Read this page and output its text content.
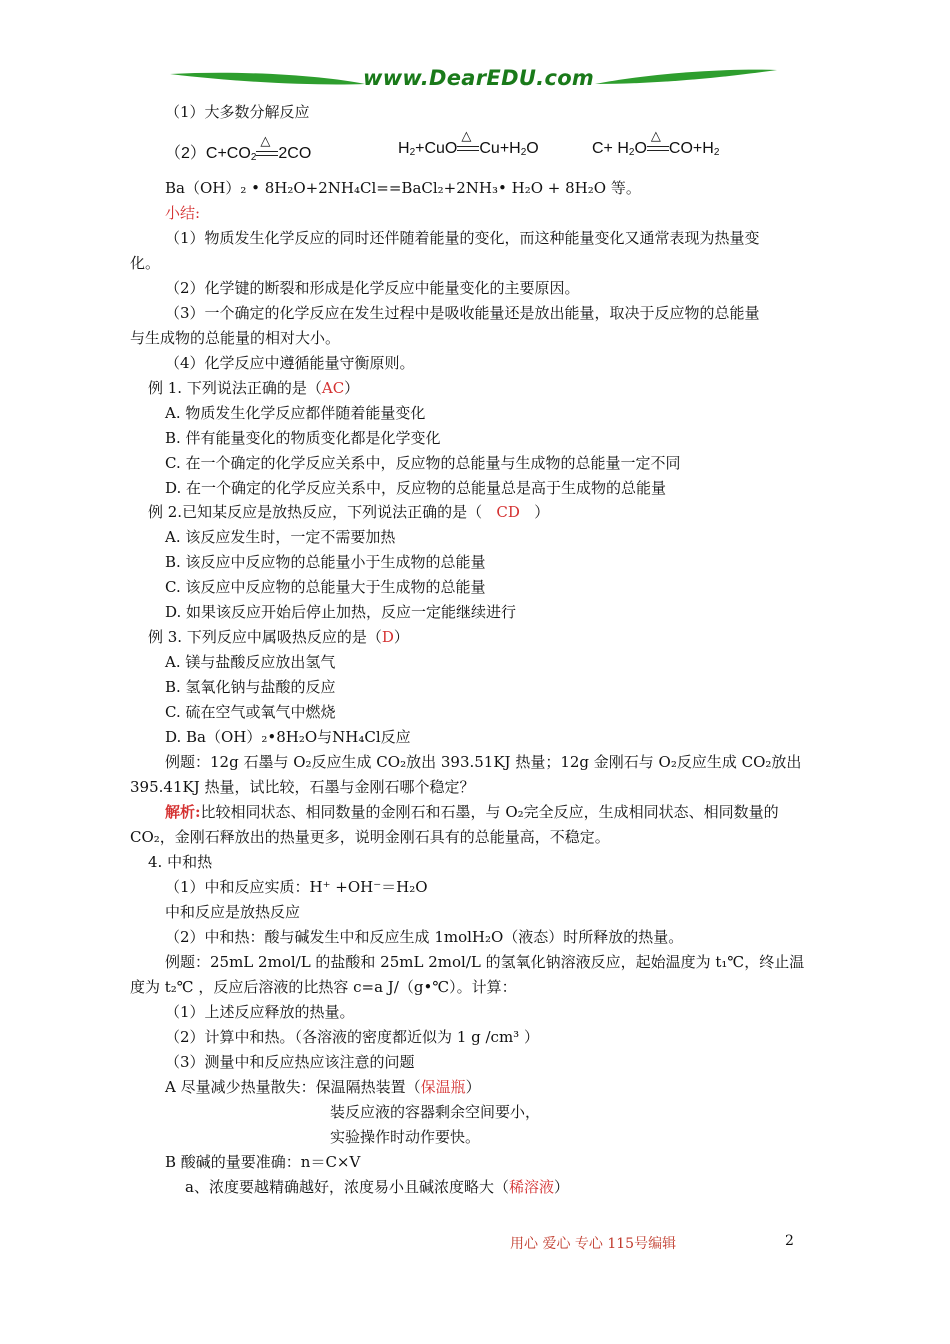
www.DearEDU.com
（1）大多数分解反应
$(2)C+CO_2$
△
2CO	$H_2+CuO$
△
$Cu+H_2O$	$C+ H_2O$
△
$CO+H_2$
Ba（OH）₂ • 8H₂O+2NH₄Cl==BaCl₂+2NH₃• H₂O + 8H₂O 等。
小结:
（1）物质发生化学反应的同时还伴随着能量的变化，而这种能量变化又通常表现为热量变
化。
（2）化学键的断裂和形成是化学反应中能量变化的主要原因。
（3）一个确定的化学反应在发生过程中是吸收能量还是放出能量，取决于反应物的总能量
与生成物的总能量的相对大小。
（4）化学反应中遵循能量守衡原则。
例 1. 下列说法正确的是（AC）
A. 物质发生化学反应都伴随着能量变化
B. 伴有能量变化的物质变化都是化学变化
C. 在一个确定的化学反应关系中，反应物的总能量与生成物的总能量一定不同
D. 在一个确定的化学反应关系中，反应物的总能量总是高于生成物的总能量
例 2.已知某反应是放热反应，下列说法正确的是（ CD ）
A. 该反应发生时，一定不需要加热
B. 该反应中反应物的总能量小于生成物的总能量
C. 该反应中反应物的总能量大于生成物的总能量
D. 如果该反应开始后停止加热，反应一定能继续进行
例 3. 下列反应中属吸热反应的是（D）
A. 镁与盐酸反应放出氢气
B. 氢氧化钠与盐酸的反应
C. 硫在空气或氧气中燃烧
D. Ba（OH）₂•8H₂O与NH₄Cl反应
例题：12g 石墨与 O₂反应生成 CO₂放出 393.51KJ 热量；12g 金刚石与 O₂反应生成 CO₂放出
395.41KJ 热量，试比较，石墨与金刚石哪个稳定？
解析:比较相同状态、相同数量的金刚石和石墨，与 O₂完全反应，生成相同状态、相同数量的
CO₂，金刚石释放出的热量更多，说明金刚石具有的总能量高，不稳定。
4. 中和热
（1）中和反应实质：H⁺ +OH⁻＝H₂O
中和反应是放热反应
（2）中和热：酸与碱发生中和反应生成 1molH₂O（液态）时所释放的热量。
例题：25mL 2mol/L 的盐酸和 25mL 2mol/L 的氢氧化钠溶液反应，起始温度为 t₁℃，终止温
度为 t₂℃ ，反应后溶液的比热容 c=a J/（g•℃）。计算：
（1）上述反应释放的热量。
（2）计算中和热。（各溶液的密度都近似为 1 g /cm³ ）
（3）测量中和反应热应该注意的问题
A 尽量减少热量散失：保温隔热装置（保温瓶）
装反应液的容器剩余空间要小，
实验操作时动作要快。
B 酸碱的量要准确：n＝C×V
a、浓度要越精确越好，浓度易小且碱浓度略大（稀溶液）
用心 爱心 专心 115号编辑	2
